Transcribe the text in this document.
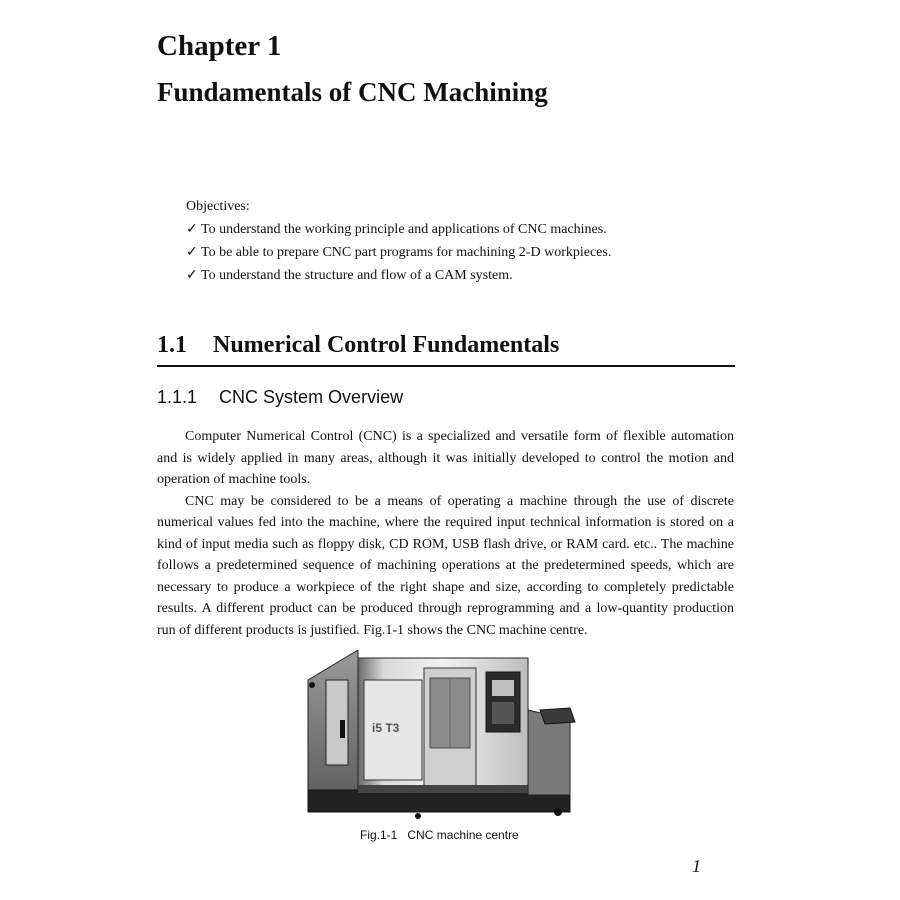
Chapter 1
Fundamentals of CNC Machining
Objectives:
✓ To understand the working principle and applications of CNC machines.
✓ To be able to prepare CNC part programs for machining 2-D workpieces.
✓ To understand the structure and flow of a CAM system.
1.1 Numerical Control Fundamentals
1.1.1 CNC System Overview

Computer Numerical Control (CNC) is a specialized and versatile form of flexible automation and is widely applied in many areas, although it was initially developed to control the motion and operation of machine tools.

CNC may be considered to be a means of operating a machine through the use of discrete numerical values fed into the machine, where the required input technical information is stored on a kind of input media such as floppy disk, CD ROM, USB flash drive, or RAM card. etc.. The machine follows a predetermined sequence of machining operations at the predetermined speeds, which are necessary to produce a workpiece of the right shape and size, according to completely predictable results. A different product can be produced through reprogramming and a low-quantity production run of different products is justified. Fig.1-1 shows the CNC machine centre.

i5 T3
Fig.1-1 CNC machine centre
1
